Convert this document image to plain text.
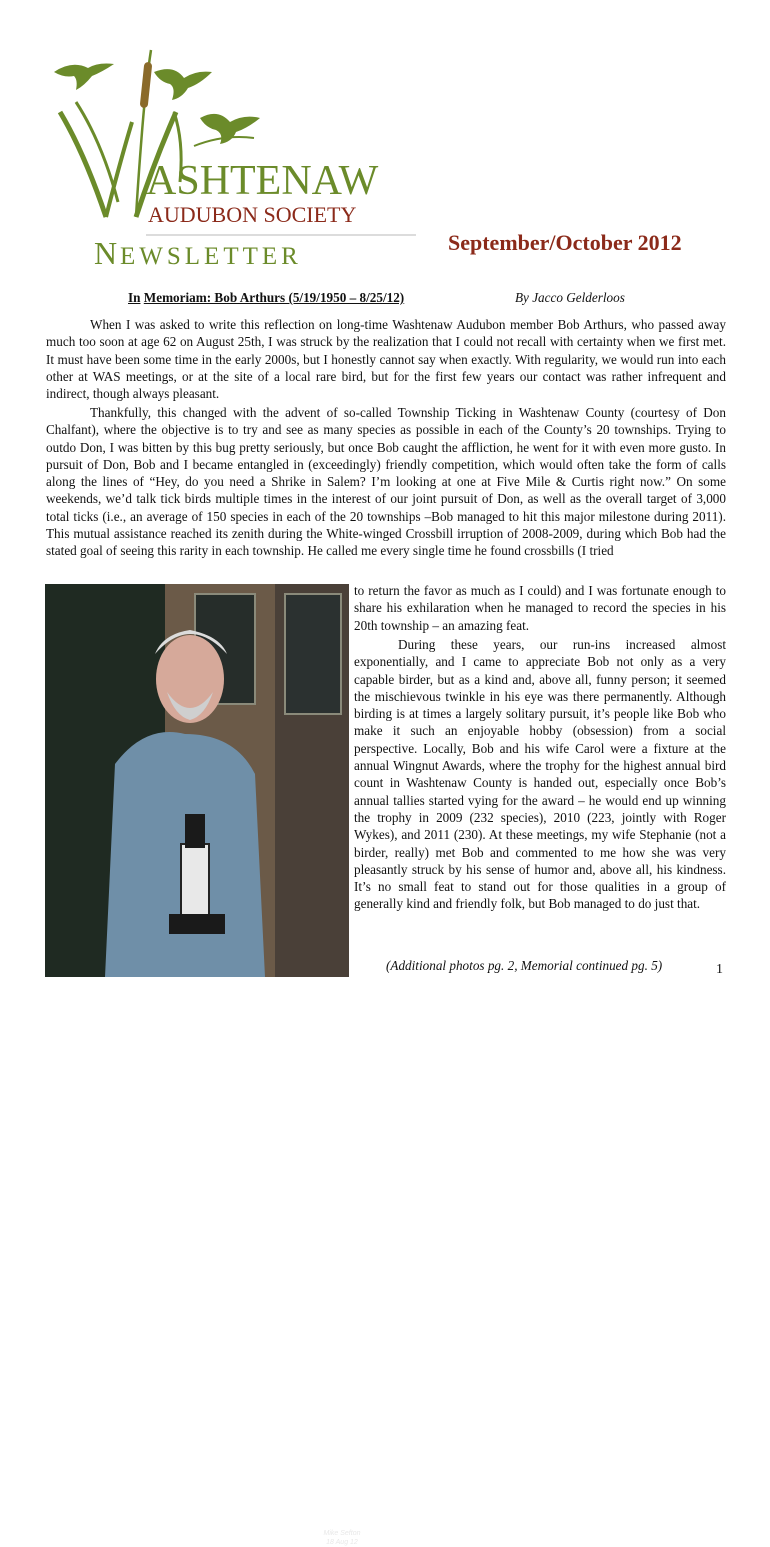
ASHTENAW
AUDUBON SOCIETY
N EWSLETTER
September/October 2012
In Memoriam: Bob Arthurs (5/19/1950 – 8/25/12)	By Jacco Gelderloos

When I was asked to write this reflection on long-time Washtenaw Audubon member Bob Arthurs, who passed away much too soon at age 62 on August 25th, I was struck by the realization that I could not recall with certainty when we first met. It must have been some time in the early 2000s, but I honestly cannot say when exactly. With regularity, we would run into each other at WAS meetings, or at the site of a local rare bird, but for the first few years our contact was rather infrequent and indirect, though always pleasant.

Thankfully, this changed with the advent of so-called Township Ticking in Washtenaw County (courtesy of Don Chalfant), where the objective is to try and see as many species as possible in each of the County’s 20 townships. Trying to outdo Don, I was bitten by this bug pretty seriously, but once Bob caught the affliction, he went for it with even more gusto. In pursuit of Don, Bob and I became entangled in (exceedingly) friendly competition, which would often take the form of calls along the lines of “Hey, do you need a Shrike in Salem? I’m looking at one at Five Mile & Curtis right now.” On some weekends, we’d talk tick birds multiple times in the interest of our joint pursuit of Don, as well as the overall target of 3,000 total ticks (i.e., an average of 150 species in each of the 20 townships –Bob managed to hit this major milestone during 2011). This mutual assistance reached its zenith during the White-winged Crossbill irruption of 2008-2009, during which Bob had the stated goal of seeing this rarity in each township. He called me every single time he found crossbills (I tried

to return the favor as much as I could) and I was fortunate enough to share his exhilaration when he managed to record the species in his 20th township – an amazing feat.

During these years, our run-ins increased almost exponentially, and I came to appreciate Bob not only as a very capable birder, but as a kind and, above all, funny person; it seemed the mischievous twinkle in his eye was there permanently. Although birding is at times a largely solitary pursuit, it’s people like Bob who make it such an enjoyable hobby (obsession) from a social perspective. Locally, Bob and his wife Carol were a fixture at the annual Wingnut Awards, where the trophy for the highest annual bird count in Washtenaw County is handed out, especially once Bob’s annual tallies started vying for the award – he would end up winning the trophy in 2009 (232 species), 2010 (223, jointly with Roger Wykes), and 2011 (230). At these meetings, my wife Stephanie (not a birder, really) met Bob and commented to me how she was very pleasantly struck by his sense of humor and, above all, his kindness. It’s no small feat to stand out for those qualities in a group of generally kind and friendly folk, but Bob managed to do just that.

Mike Sefton
18 Aug 12
(Additional photos pg. 2, Memorial continued pg. 5)	1
